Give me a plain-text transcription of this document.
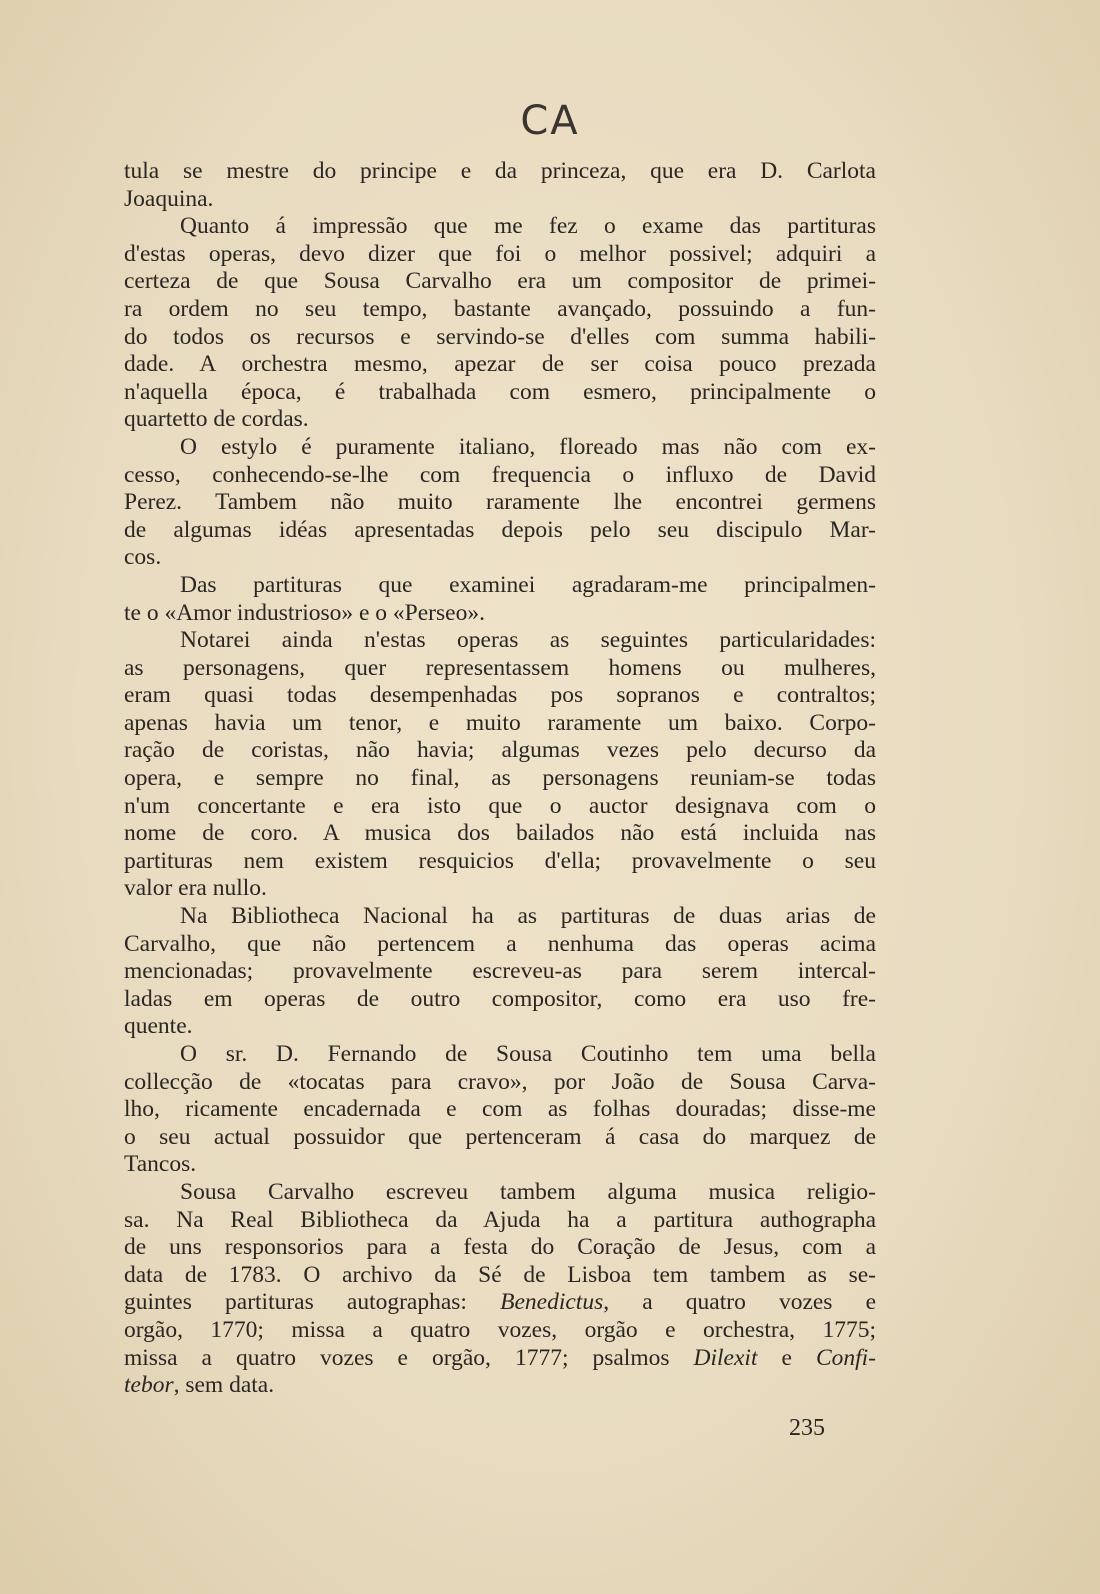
CA
tula se mestre do principe e da princeza, que era D. Carlota
Joaquina.
Quanto á impressão que me fez o exame das partituras
d'estas operas, devo dizer que foi o melhor possivel; adquiri a
certeza de que Sousa Carvalho era um compositor de primei-
ra ordem no seu tempo, bastante avançado, possuindo a fun-
do todos os recursos e servindo-se d'elles com summa habili-
dade. A orchestra mesmo, apezar de ser coisa pouco prezada
n'aquella época, é trabalhada com esmero, principalmente o
quartetto de cordas.
O estylo é puramente italiano, floreado mas não com ex-
cesso, conhecendo-se-lhe com frequencia o influxo de David
Perez. Tambem não muito raramente lhe encontrei germens
de algumas idéas apresentadas depois pelo seu discipulo Mar-
cos.
Das partituras que examinei agradaram-me principalmen-
te o «Amor industrioso» e o «Perseo».
Notarei ainda n'estas operas as seguintes particularidades:
as personagens, quer representassem homens ou mulheres,
eram quasi todas desempenhadas pos sopranos e contraltos;
apenas havia um tenor, e muito raramente um baixo. Corpo-
ração de coristas, não havia; algumas vezes pelo decurso da
opera, e sempre no final, as personagens reuniam-se todas
n'um concertante e era isto que o auctor designava com o
nome de coro. A musica dos bailados não está incluida nas
partituras nem existem resquicios d'ella; provavelmente o seu
valor era nullo.
Na Bibliotheca Nacional ha as partituras de duas arias de
Carvalho, que não pertencem a nenhuma das operas acima
mencionadas; provavelmente escreveu-as para serem intercal-
ladas em operas de outro compositor, como era uso fre-
quente.
O sr. D. Fernando de Sousa Coutinho tem uma bella
collecção de «tocatas para cravo», por João de Sousa Carva-
lho, ricamente encadernada e com as folhas douradas; disse-me
o seu actual possuidor que pertenceram á casa do marquez de
Tancos.
Sousa Carvalho escreveu tambem alguma musica religio-
sa. Na Real Bibliotheca da Ajuda ha a partitura authographa
de uns responsorios para a festa do Coração de Jesus, com a
data de 1783. O archivo da Sé de Lisboa tem tambem as se-
guintes partituras autographas: Benedictus, a quatro vozes e
orgão, 1770; missa a quatro vozes, orgão e orchestra, 1775;
missa a quatro vozes e orgão, 1777; psalmos Dilexit e Confi-
tebor, sem data.
235
